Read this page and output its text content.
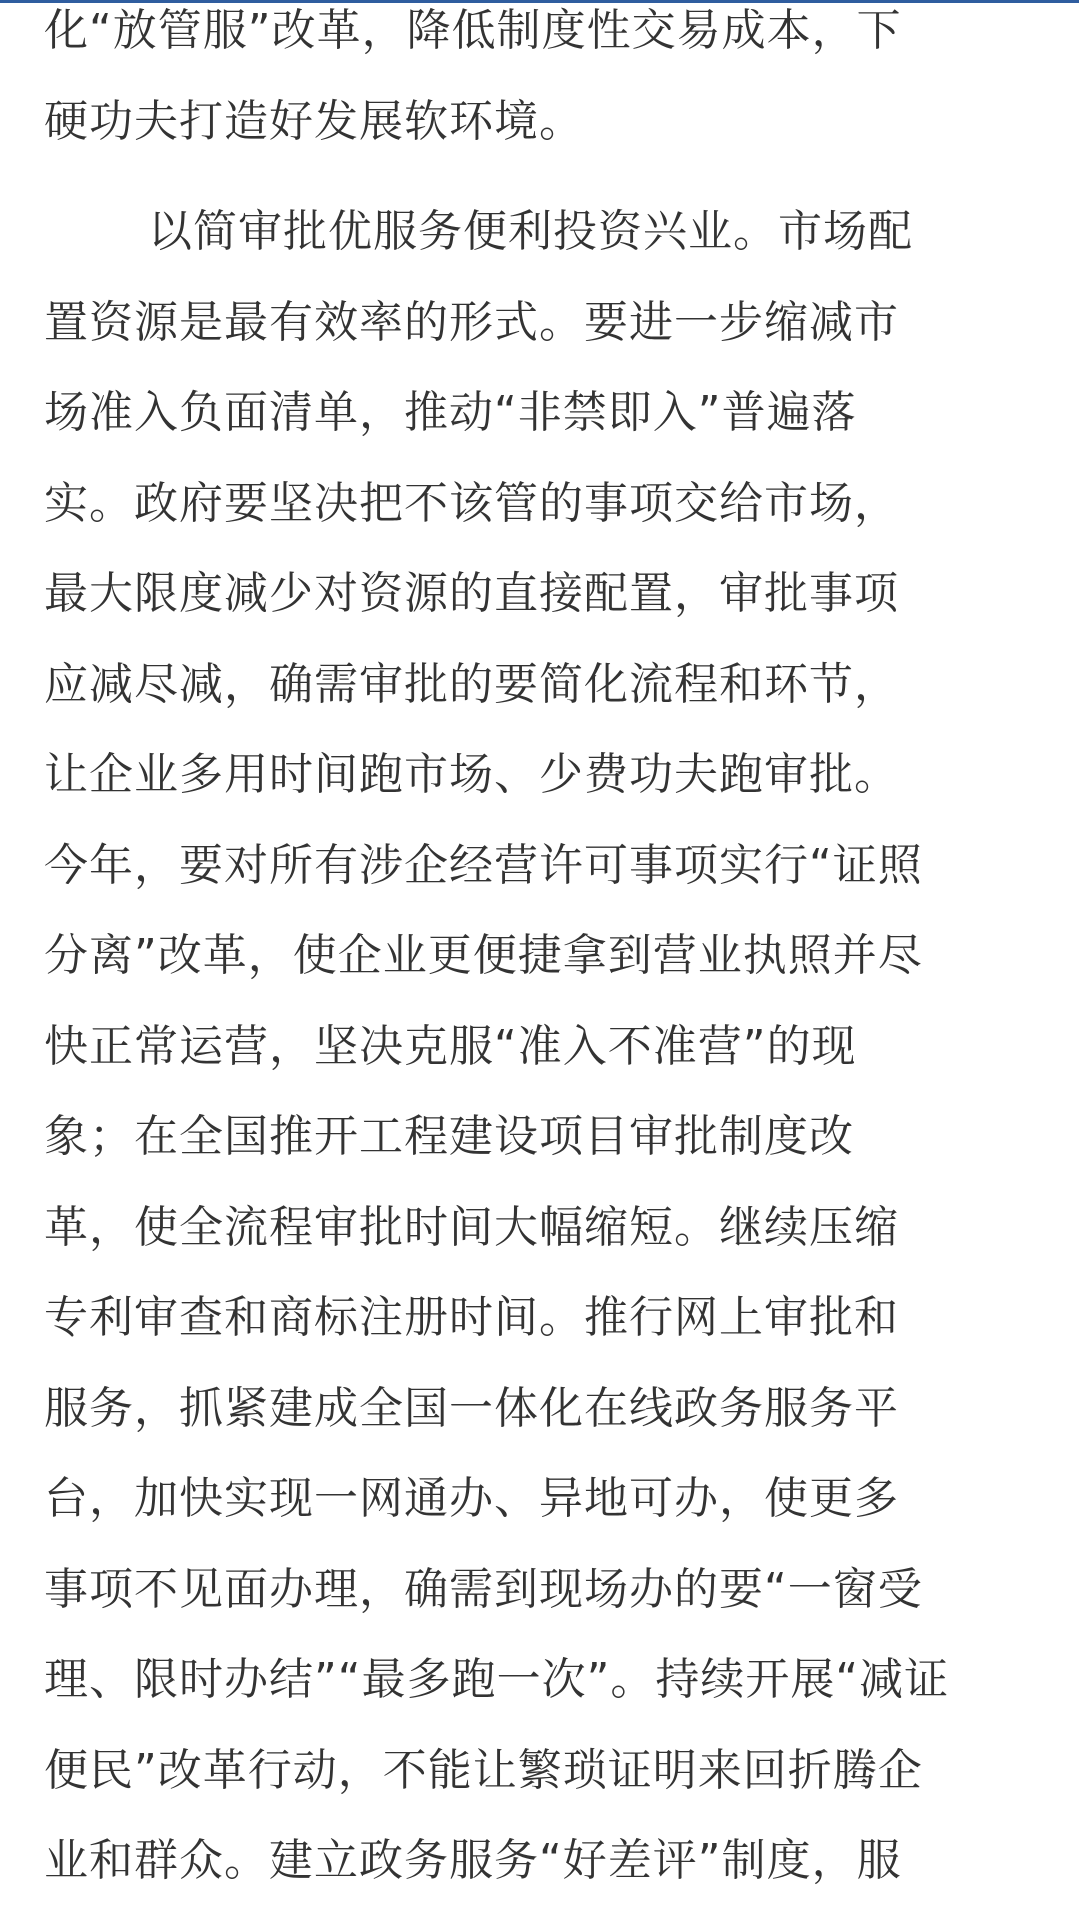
化“放管服”改革，降低制度性交易成本，下
硬功夫打造好发展软环境。

以简审批优服务便利投资兴业。市场配
置资源是最有效率的形式。要进一步缩减市
场准入负面清单，推动“非禁即入”普遍落
实。政府要坚决把不该管的事项交给市场，
最大限度减少对资源的直接配置，审批事项
应减尽减，确需审批的要简化流程和环节，
让企业多用时间跑市场、少费功夫跑审批。
今年，要对所有涉企经营许可事项实行“证照
分离”改革，使企业更便捷拿到营业执照并尽
快正常运营，坚决克服“准入不准营”的现
象；在全国推开工程建设项目审批制度改
革，使全流程审批时间大幅缩短。继续压缩
专利审查和商标注册时间。推行网上审批和
服务，抓紧建成全国一体化在线政务服务平
台，加快实现一网通办、异地可办，使更多
事项不见面办理，确需到现场办的要“一窗受
理、限时办结”“最多跑一次”。持续开展“减证
便民”改革行动，不能让繁琐证明来回折腾企
业和群众。建立政务服务“好差评”制度，服
